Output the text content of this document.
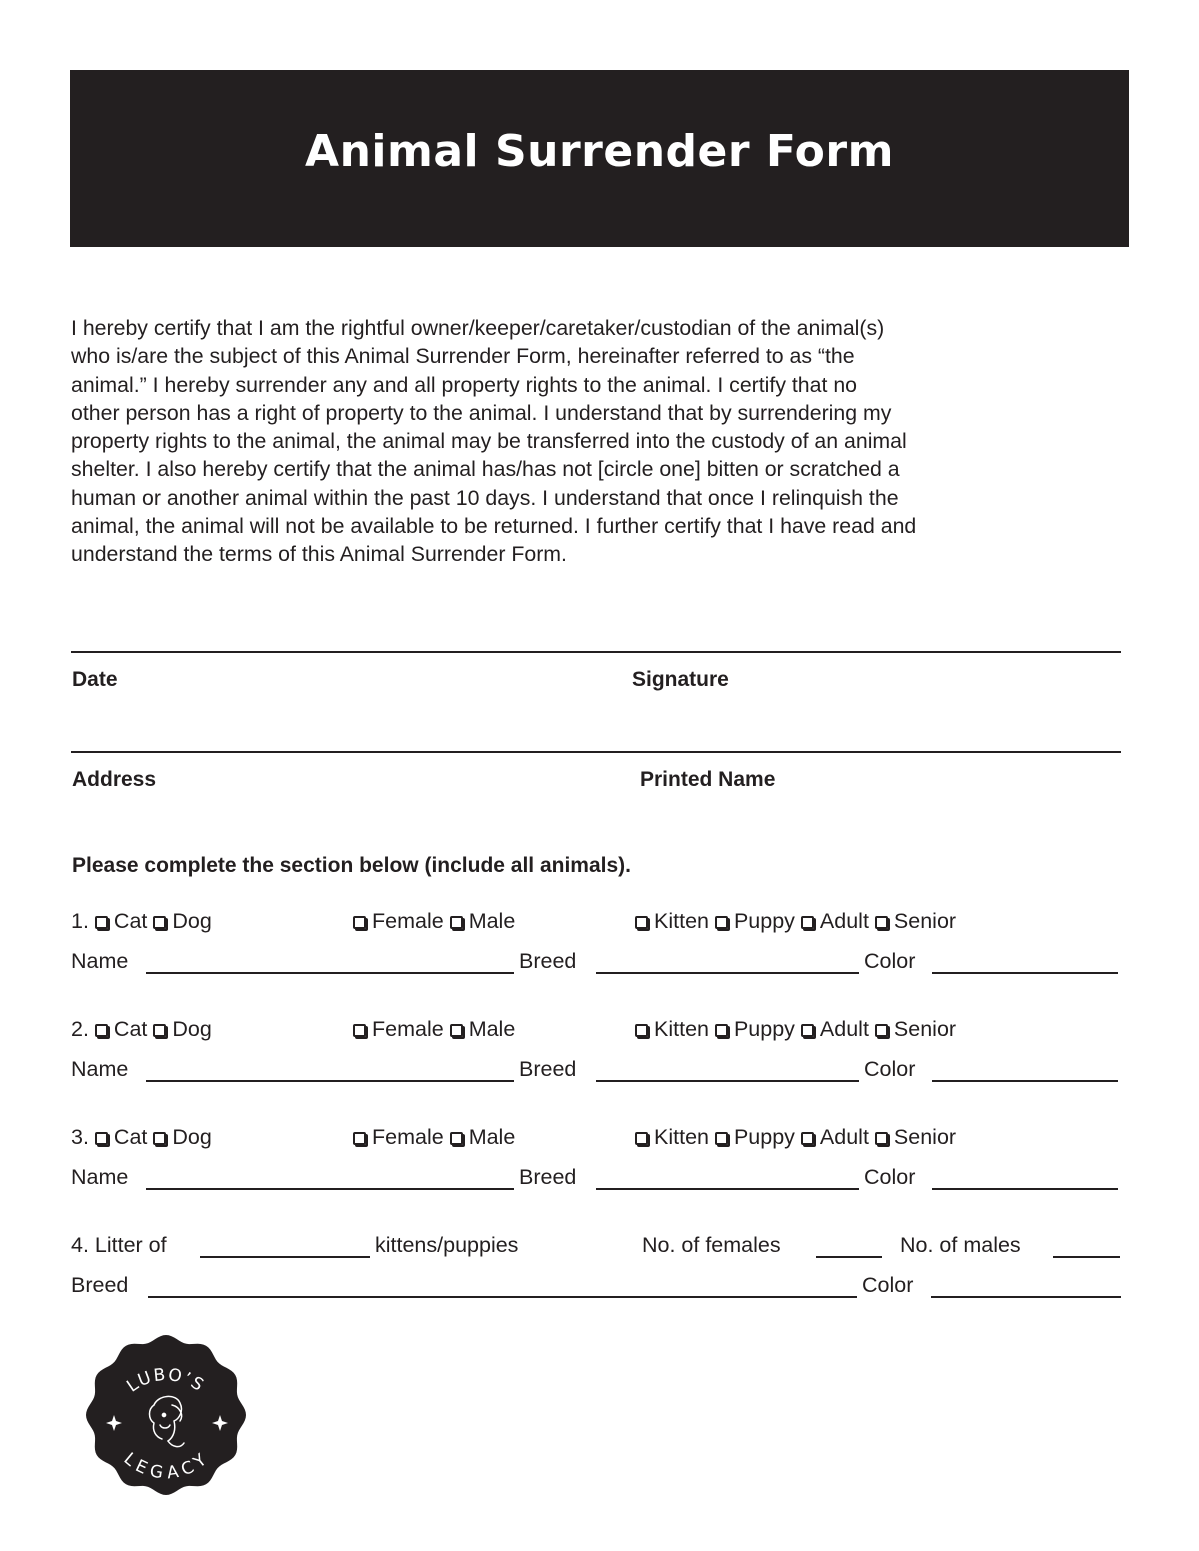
Animal Surrender Form

I hereby certify that I am the rightful owner/keeper/caretaker/custodian of the animal(s)
who is/are the subject of this Animal Surrender Form, hereinafter referred to as “the
animal.” I hereby surrender any and all property rights to the animal. I certify that no
other person has a right of property to the animal. I understand that by surrendering my
property rights to the animal, the animal may be transferred into the custody of an animal
shelter. I also hereby certify that the animal has/has not [circle one] bitten or scratched a
human or another animal within the past 10 days. I understand that once I relinquish the
animal, the animal will not be available to be returned. I further certify that I have read and
understand the terms of this Animal Surrender Form.

Date	Signature
Address	Printed Name
Please complete the section below (include all animals).
1. Cat Dog	Female Male	Kitten Puppy Adult Senior
Name	Breed	Color
2. Cat Dog	Female Male	Kitten Puppy Adult Senior
Name	Breed	Color
3. Cat Dog	Female Male	Kitten Puppy Adult Senior
Name	Breed	Color
4. Litter of	kittens/puppies	No. of females	No. of males
Breed	Color
LUBO’S
LEGACY
